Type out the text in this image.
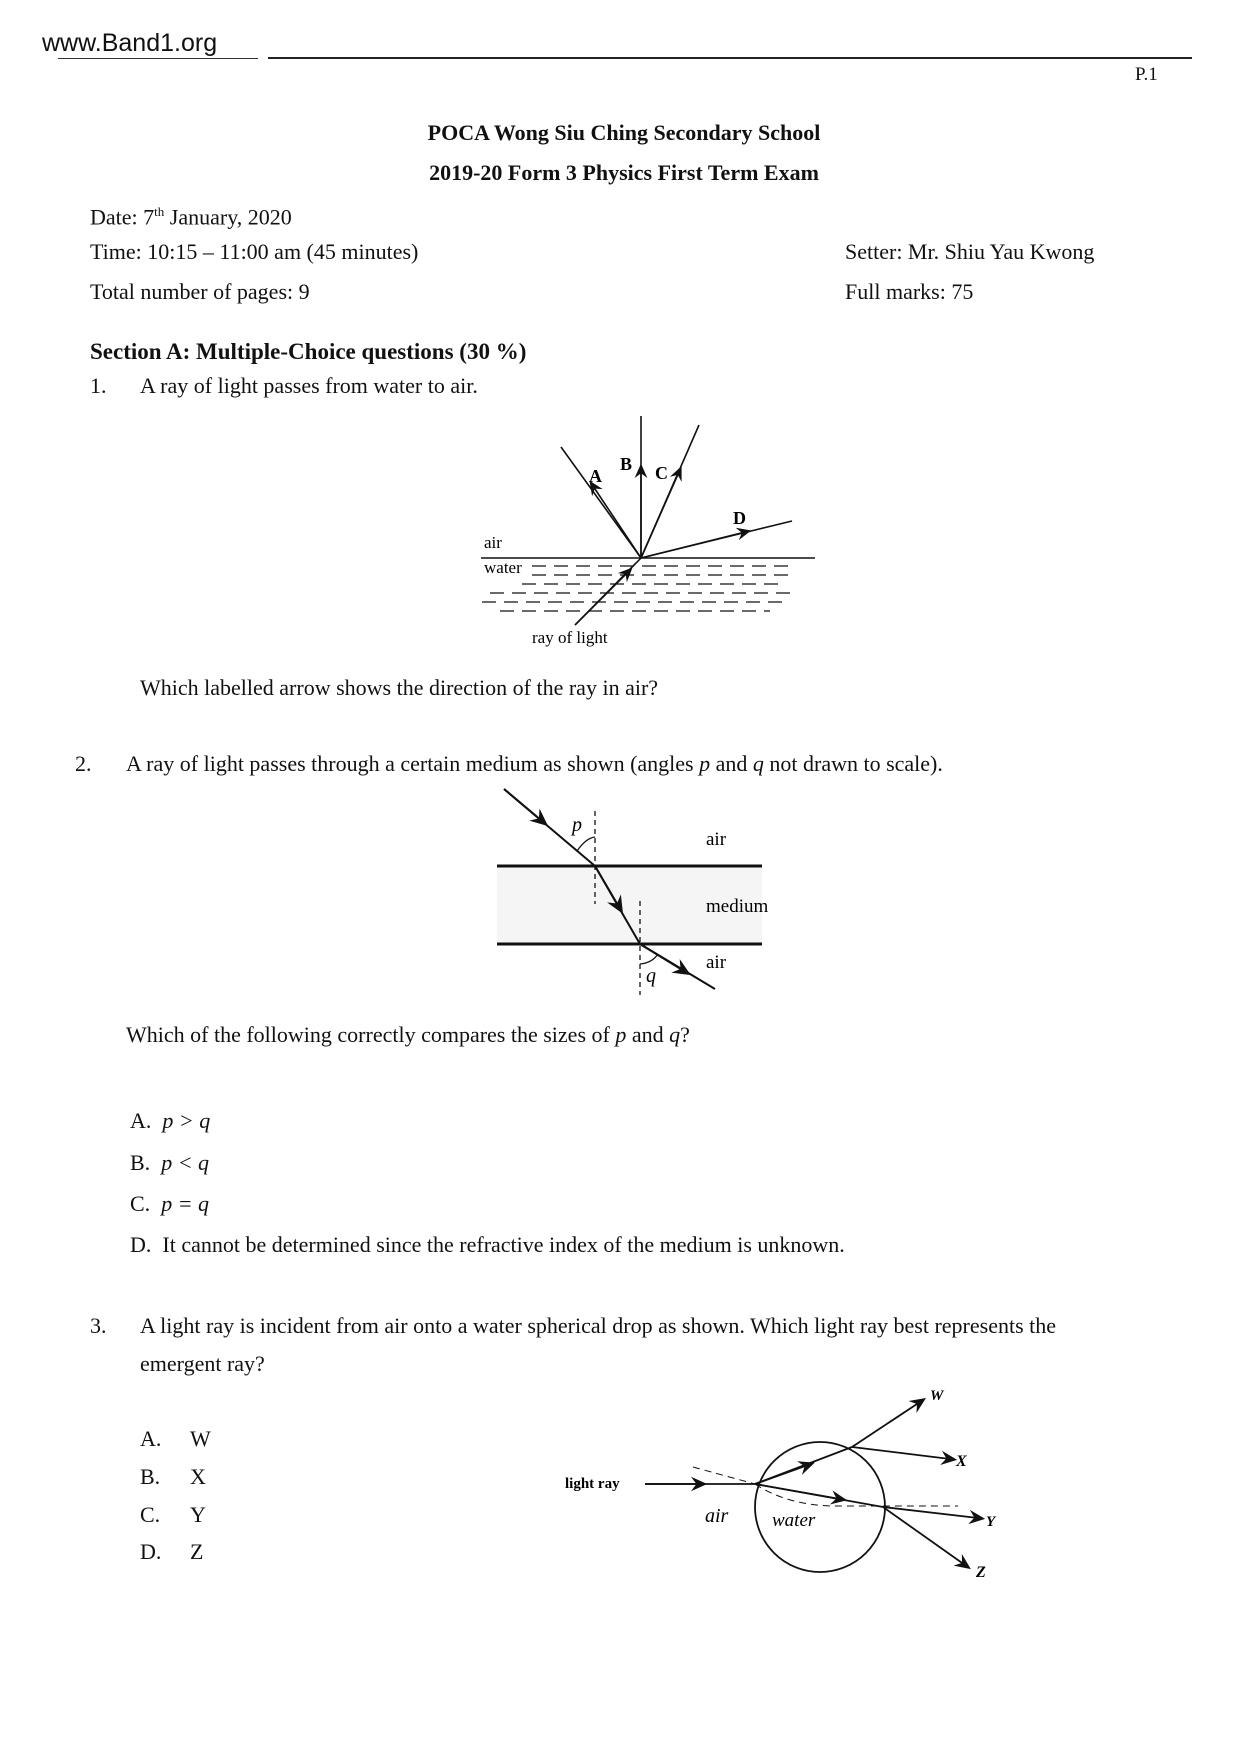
www.Band1.org
P.1
POCA Wong Siu Ching Secondary School
2019-20 Form 3 Physics First Term Exam
Date: 7th January, 2020
Time: 10:15 – 11:00 am (45 minutes)
Total number of pages: 9
Setter: Mr. Shiu Yau Kwong
Full marks: 75
Section A: Multiple-Choice questions (30 %)
1. A ray of light passes from water to air.
air
water
ray of light
A
B C
D
Which labelled arrow shows the direction of the ray in air?
2. A ray of light passes through a certain medium as shown (angles p and q not drawn to scale).
p
q
air
medium
air
Which of the following correctly compares the sizes of p and q?
A. p > q
B. p < q
C. p = q
D. It cannot be determined since the refractive index of the medium is unknown.
3. A light ray is incident from air onto a water spherical drop as shown. Which light ray best represents the
emergent ray?
A. W
B. X
C. Y
D. Z
light ray
air water
W
X
Y
Z
